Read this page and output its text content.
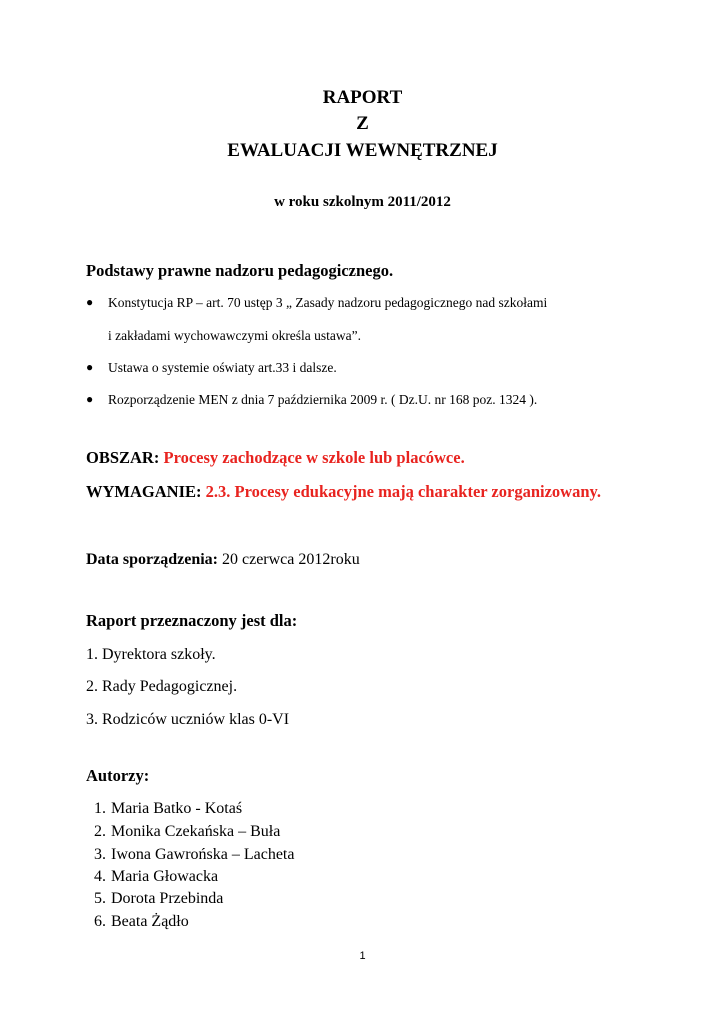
RAPORT
Z
EWALUACJI WEWNĘTRZNEJ
w roku szkolnym 2011/2012
Podstawy prawne nadzoru pedagogicznego.
● Konstytucja RP – art. 70 ustęp 3 „ Zasady nadzoru pedagogicznego nad szkołami
i zakładami wychowawczymi określa ustawa”.
● Ustawa o systemie oświaty art.33 i dalsze.
● Rozporządzenie MEN z dnia 7 października 2009 r. ( Dz.U. nr 168 poz. 1324 ).
OBSZAR: Procesy zachodzące w szkole lub placówce.
WYMAGANIE: 2.3. Procesy edukacyjne mają charakter zorganizowany.
Data sporządzenia: 20 czerwca 2012roku
Raport przeznaczony jest dla:
1. Dyrektora szkoły.
2. Rady Pedagogicznej.
3. Rodziców uczniów klas 0-VI
Autorzy:
1. Maria Batko - Kotaś
2. Monika Czekańska – Buła
3. Iwona Gawrońska – Lacheta
4. Maria Głowacka
5. Dorota Przebinda
6. Beata Żądło
1
